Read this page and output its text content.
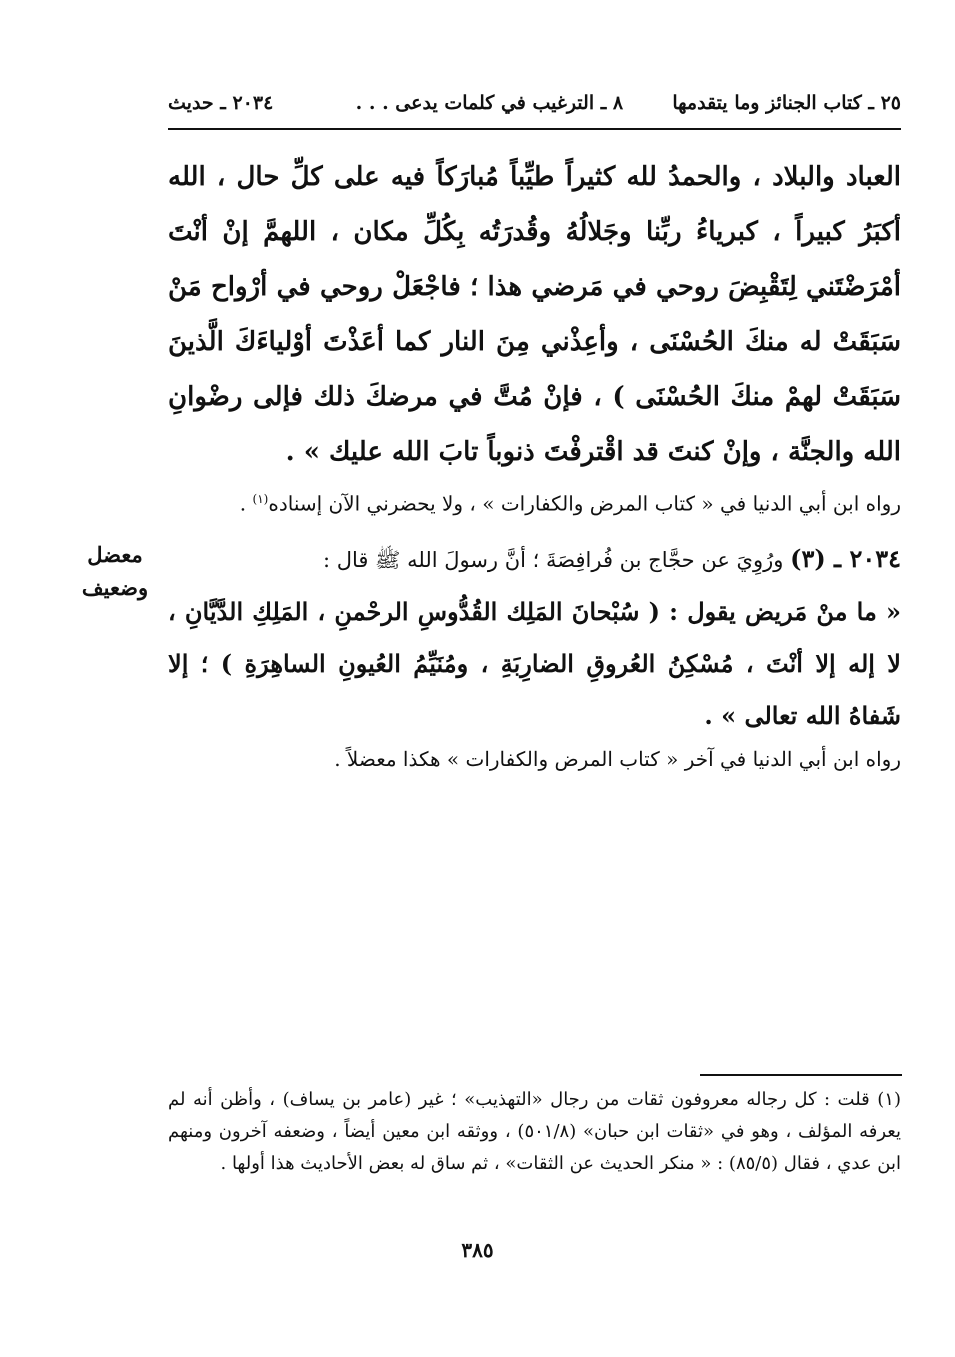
٢٥ ـ كتاب الجنائز وما يتقدمها  ٨ ـ الترغيب في كلمات يدعى . . .
٢٠٣٤ ـ حديث
العباد والبلاد ، والحمدُ لله كثيراً طيِّباً مُبارَكاً فيه على كلِّ حال ، الله أكبَرُ كبيراً ، كبرياءُ ربِّنا وجَلالُهُ وقُدرَتُه بِكُلِّ مكان ، اللهمَّ إنْ أنْتَ أمْرَضْتَني لِتَقْبِضَ روحي في مَرضي هذا ؛ فاجْعَلْ روحي في أرْواح مَنْ سَبَقَتْ له منكَ الحُسْنَى ، وأعِذْني مِنَ النار كما أعَذْتَ أوْلياءَكَ الَّذينَ سَبَقَتْ لهمْ منكَ الحُسْنَى ) ، فإنْ مُتَّ في مرضكَ ذلك فإلى رضْوانِ الله والجنَّة ، وإنْ كنتَ قد اقْترفْتَ ذنوباً تابَ الله عليك » .
رواه ابن أبي الدنيا في « كتاب المرض والكفارات » ، ولا يحضرني الآن إسناده$^{(١)}$ .
معضل
وضعيف
٢٠٣٤ ـ (٣) ورُوِيَ عن حجَّاج بن فُرافِصَةَ ؛ أنَّ رسولَ الله ﷺ قال :
« ما منْ مَريض يقول : ( سُبْحانَ المَلِك القُدُّوسِ الرحْمنِ ، المَلِكِ الدَّيَّانِ ، لا إله إلا أنْتَ ، مُسْكِنُ العُروقِ الضارِبَةِ ، ومُنَيِّمُ العُيونِ الساهِرَةِ ) ؛ إلا شَفاهُ الله تعالى » .
رواه ابن أبي الدنيا في آخر « كتاب المرض والكفارات » هكذا معضلاً .
(١) قلت : كل رجاله معروفون ثقات من رجال «التهذيب» ؛ غير (عامر بن يساف) ، وأظن أنه لم يعرفه المؤلف ، وهو في «ثقات ابن حبان» (٥٠١/٨) ، ووثقه ابن معين أيضاً ، وضعفه آخرون ومنهم ابن عدي ، فقال (٨٥/٥) : « منكر الحديث عن الثقات» ، ثم ساق له بعض الأحاديث هذا أولها .
٣٨٥
